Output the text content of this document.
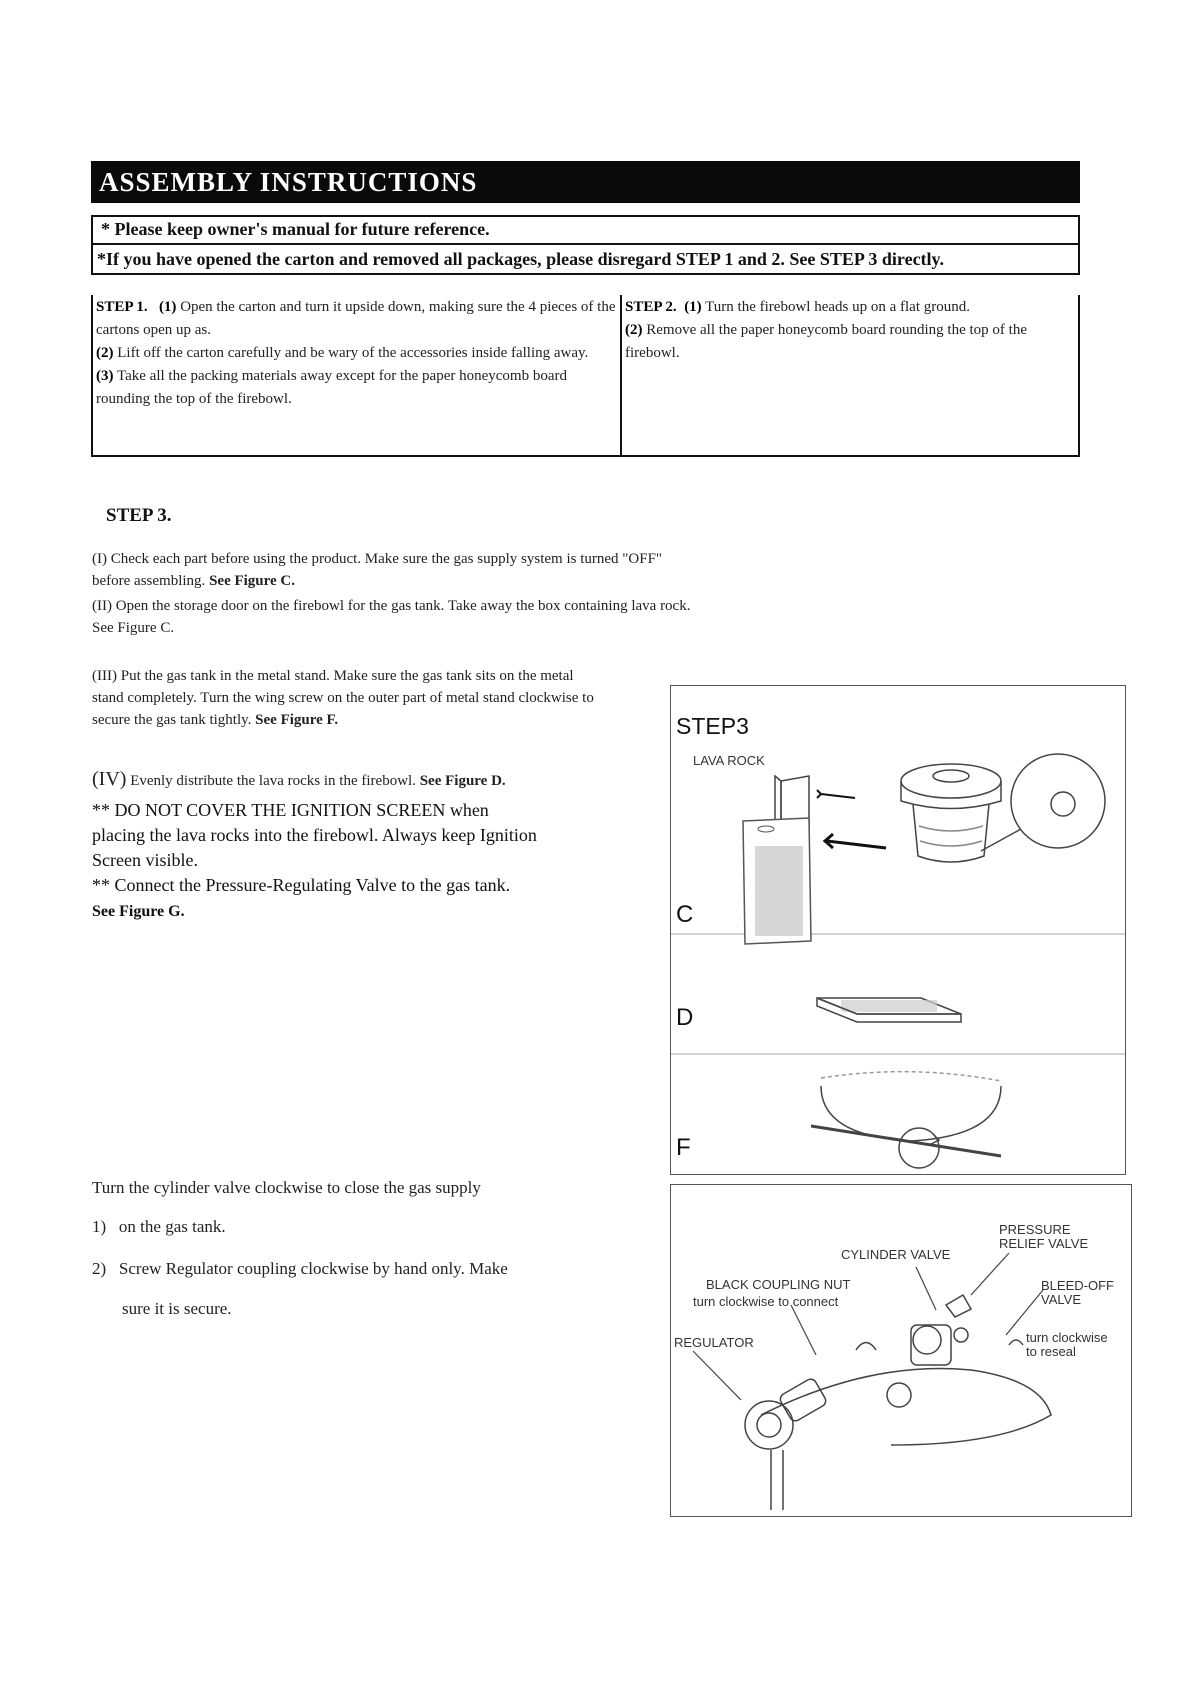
ASSEMBLY INSTRUCTIONS
* Please keep owner's manual for future reference.
*If you have opened the carton and removed all packages, please disregard STEP 1 and 2. See STEP 3 directly.
STEP 1. (1) Open the carton and turn it upside down, making sure the 4 pieces of the cartons open up as.
(2) Lift off the carton carefully and be wary of the accessories inside falling away.
(3) Take all the packing materials away except for the paper honeycomb board rounding the top of the firebowl.
STEP 2. (1) Turn the firebowl heads up on a flat ground.
(2) Remove all the paper honeycomb board rounding the top of the firebowl.
STEP 3.
(I) Check each part before using the product. Make sure the gas supply system is turned "OFF" before assembling. See Figure C.
(II) Open the storage door on the firebowl for the gas tank. Take away the box containing lava rock. See Figure C.
(III) Put the gas tank in the metal stand. Make sure the gas tank sits on the metal stand completely. Turn the wing screw on the outer part of metal stand clockwise to secure the gas tank tightly. See Figure F.
(IV) Evenly distribute the lava rocks in the firebowl. See Figure D.
** DO NOT COVER THE IGNITION SCREEN when placing the lava rocks into the firebowl. Always keep Ignition Screen visible.
** Connect the Pressure-Regulating Valve to the gas tank.
See Figure G.
Turn the cylinder valve clockwise to close the gas supply
1) on the gas tank.
2) Screw Regulator coupling clockwise by hand only. Make
sure it is secure.
STEP3
LAVA ROCK
C
D
F
PRESSURE
RELIEF VALVE
CYLINDER VALVE
BLACK COUPLING NUT
turn clockwise to connect
BLEED-OFF
VALVE
REGULATOR	turn clockwise
to reseal
